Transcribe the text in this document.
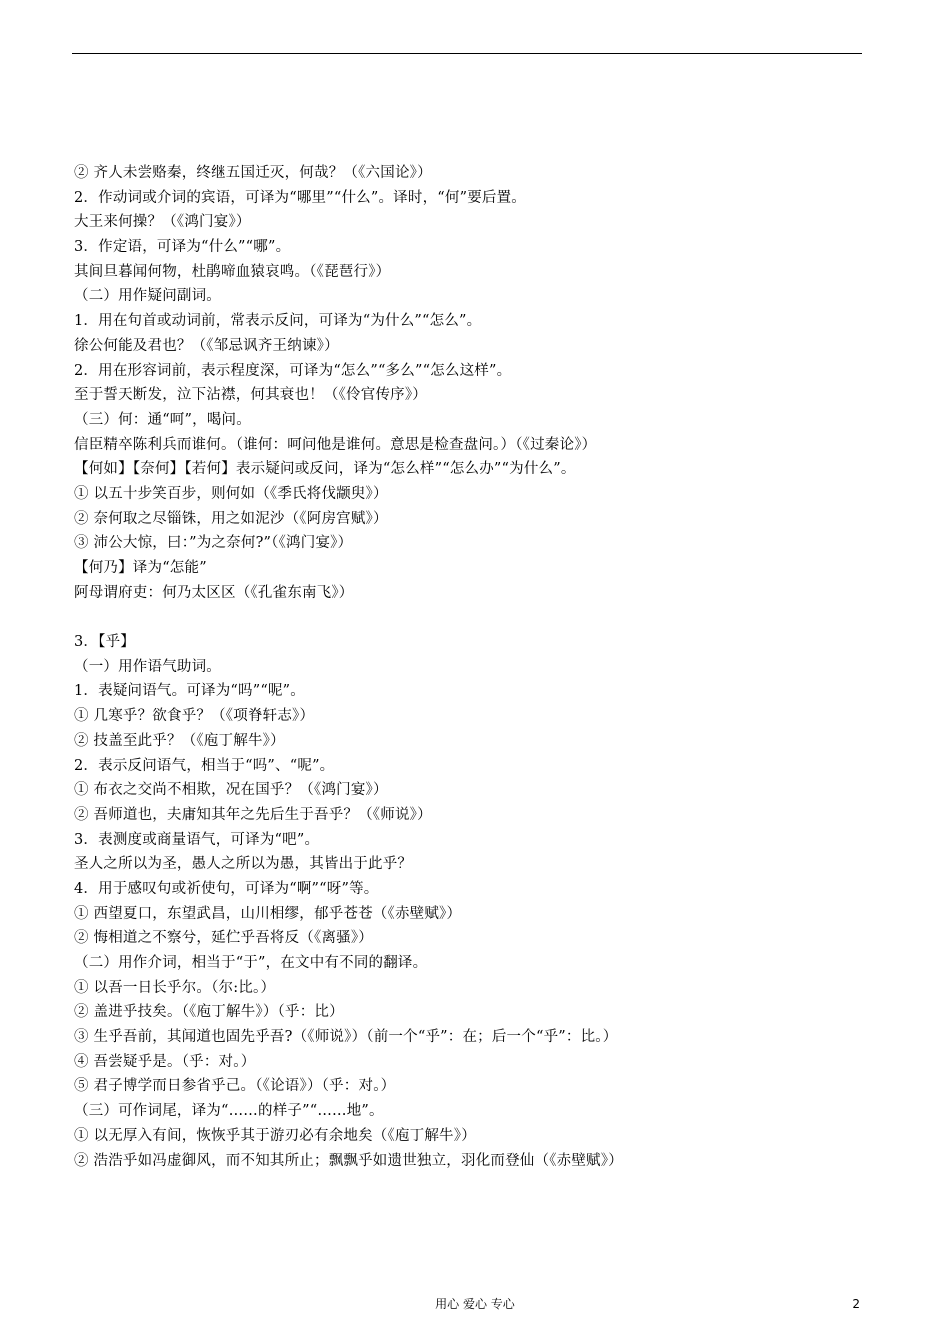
② 齐人未尝赂秦，终继五国迁灭，何哉？（《六国论》）
2．作动词或介词的宾语，可译为“哪里”“什么”。译时，“何”要后置。
大王来何操？（《鸿门宴》）
3．作定语，可译为“什么”“哪”。
其间旦暮闻何物，杜鹃啼血猿哀鸣。（《琵琶行》）
（二）用作疑问副词。
1．用在句首或动词前，常表示反问，可译为“为什么”“怎么”。
徐公何能及君也？（《邹忌讽齐王纳谏》）
2．用在形容词前，表示程度深，可译为“怎么”“多么”“怎么这样”。
至于誓天断发，泣下沾襟，何其衰也！（《伶官传序》）
（三）何：通“呵”，喝问。
信臣精卒陈利兵而谁何。（谁何：呵问他是谁何。意思是检查盘问。）（《过秦论》）
【何如】【奈何】【若何】表示疑问或反问，译为“怎么样”“怎么办”“为什么”。
① 以五十步笑百步，则何如（《季氏将伐颛臾》）
② 奈何取之尽锱铢，用之如泥沙（《阿房宫赋》）
③ 沛公大惊，曰：”为之奈何?”（《鸿门宴》）
【何乃】译为“怎能”
阿母谓府吏：何乃太区区（《孔雀东南飞》）
3．【乎】
（一）用作语气助词。
1．表疑问语气。可译为“吗”“呢”。
① 几寒乎？欲食乎？（《项脊轩志》）
② 技盖至此乎？（《庖丁解牛》）
2．表示反问语气，相当于“吗”、“呢”。
① 布衣之交尚不相欺，况在国乎？（《鸿门宴》）
② 吾师道也，夫庸知其年之先后生于吾乎？（《师说》）
3．表测度或商量语气，可译为“吧”。
圣人之所以为圣，愚人之所以为愚，其皆出于此乎？
4．用于感叹句或祈使句，可译为“啊”“呀”等。
① 西望夏口，东望武昌，山川相缪，郁乎苍苍（《赤壁赋》）
② 悔相道之不察兮，延伫乎吾将反（《离骚》）
（二）用作介词，相当于“于”，在文中有不同的翻译。
① 以吾一日长乎尔。（尔:比。）
② 盖进乎技矣。（《庖丁解牛》）（乎：比）
③ 生乎吾前，其闻道也固先乎吾?（《师说》）（前一个“乎”：在；后一个“乎”：比。）
④ 吾尝疑乎是。（乎：对。）
⑤ 君子博学而日参省乎己。（《论语》）（乎：对。）
（三）可作词尾，译为“……的样子”“……地”。
① 以无厚入有间，恢恢乎其于游刃必有余地矣（《庖丁解牛》）
② 浩浩乎如冯虚御风，而不知其所止；飘飘乎如遗世独立，羽化而登仙（《赤壁赋》）
用心 爱心 专心	2
